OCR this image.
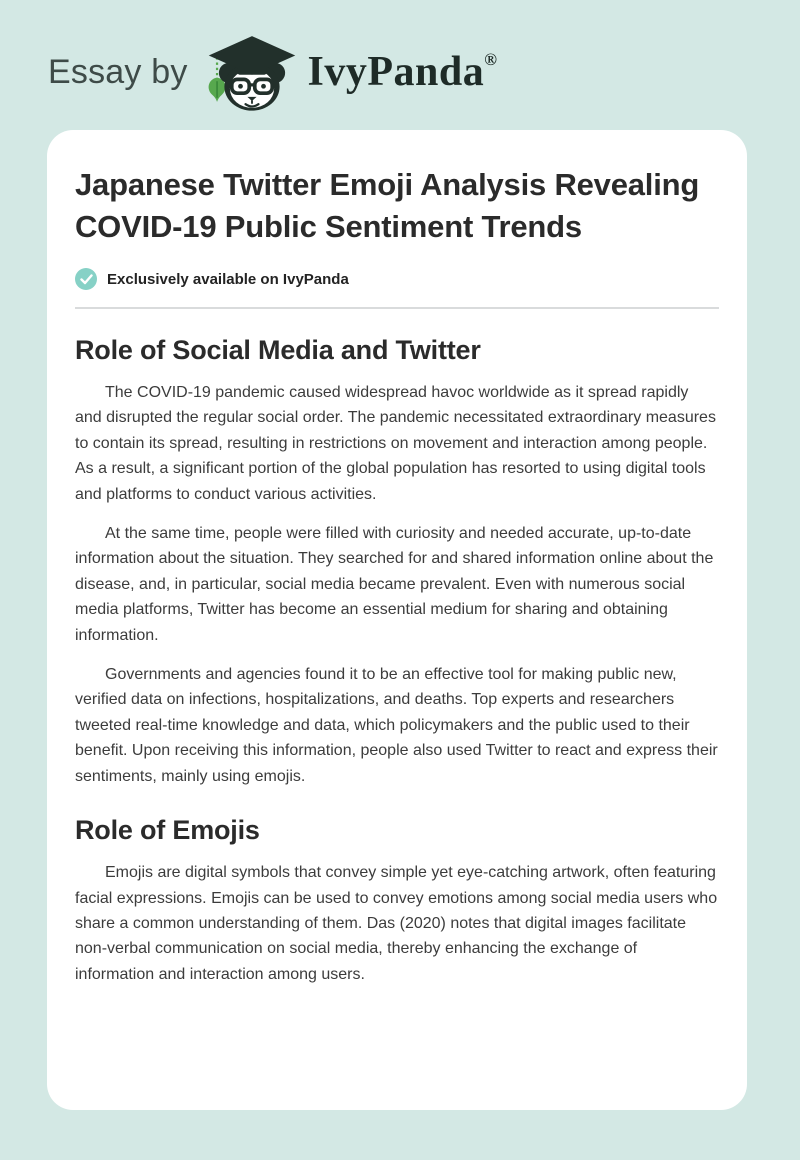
Essay by	IvyPanda®
Japanese Twitter Emoji Analysis Revealing COVID-19 Public Sentiment Trends
Exclusively available on IvyPanda
Role of Social Media and Twitter

The COVID-19 pandemic caused widespread havoc worldwide as it spread rapidly and disrupted the regular social order. The pandemic necessitated extraordinary measures to contain its spread, resulting in restrictions on movement and interaction among people. As a result, a significant portion of the global population has resorted to using digital tools and platforms to conduct various activities.

At the same time, people were filled with curiosity and needed accurate, up-to-date information about the situation. They searched for and shared information online about the disease, and, in particular, social media became prevalent. Even with numerous social media platforms, Twitter has become an essential medium for sharing and obtaining information.

Governments and agencies found it to be an effective tool for making public new, verified data on infections, hospitalizations, and deaths. Top experts and researchers tweeted real-time knowledge and data, which policymakers and the public used to their benefit. Upon receiving this information, people also used Twitter to react and express their sentiments, mainly using emojis.

Role of Emojis

Emojis are digital symbols that convey simple yet eye-catching artwork, often featuring facial expressions. Emojis can be used to convey emotions among social media users who share a common understanding of them. Das (2020) notes that digital images facilitate non-verbal communication on social media, thereby enhancing the exchange of information and interaction among users.
